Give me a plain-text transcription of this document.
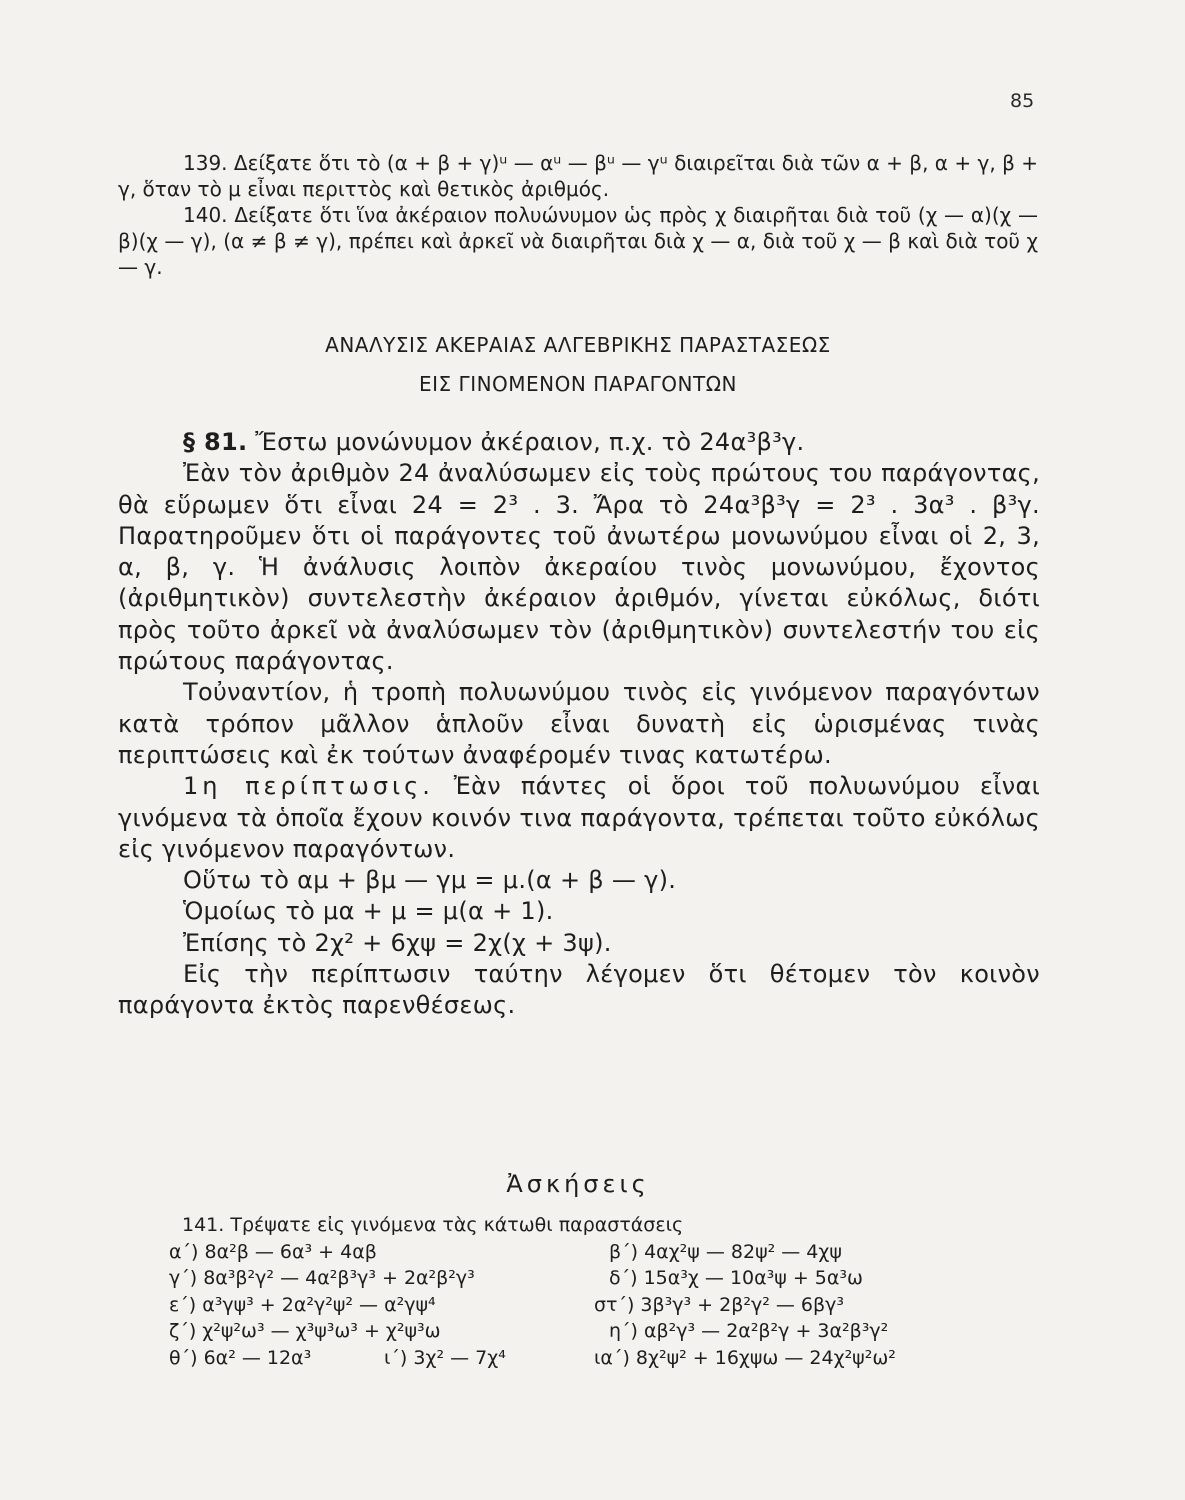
85

139. Δείξατε ὅτι τὸ (α + β + γ)ᵘ — αᵘ — βᵘ — γᵘ διαιρεῖται διὰ τῶν α + β, α + γ, β + γ, ὅταν τὸ μ εἶναι περιττὸς καὶ θετικὸς ἀριθμός.

140. Δείξατε ὅτι ἵνα ἀκέραιον πολυώνυμον ὡς πρὸς χ διαιρῆται διὰ τοῦ (χ — α)(χ — β)(χ — γ), (α ≠ β ≠ γ), πρέπει καὶ ἀρκεῖ νὰ διαιρῆται διὰ χ — α, διὰ τοῦ χ — β καὶ διὰ τοῦ χ — γ.

ΑΝΑΛΥΣΙΣ ΑΚΕΡΑΙΑΣ ΑΛΓΕΒΡΙΚΗΣ ΠΑΡΑΣΤΑΣΕΩΣ
ΕΙΣ ΓΙΝΟΜΕΝΟΝ ΠΑΡΑΓΟΝΤΩΝ

§ 81. Ἔστω μονώνυμον ἀκέραιον, π.χ. τὸ 24α³β³γ.

Ἐὰν τὸν ἀριθμὸν 24 ἀναλύσωμεν εἰς τοὺς πρώτους του παράγοντας, θὰ εὕρωμεν ὅτι εἶναι 24 = 2³ . 3. Ἄρα τὸ 24α³β³γ = 2³ . 3α³ . β³γ. Παρατηροῦμεν ὅτι οἱ παράγοντες τοῦ ἀνωτέρω μονωνύμου εἶναι οἱ 2, 3, α, β, γ. Ἡ ἀνάλυσις λοιπὸν ἀκεραίου τινὸς μονωνύμου, ἔχοντος (ἀριθμητικὸν) συντελεστὴν ἀκέραιον ἀριθμόν, γίνεται εὐκόλως, διότι πρὸς τοῦτο ἀρκεῖ νὰ ἀναλύσωμεν τὸν (ἀριθμητικὸν) συντελεστήν του εἰς πρώτους παράγοντας.

Τοὐναντίον, ἡ τροπὴ πολυωνύμου τινὸς εἰς γινόμενον παραγόντων κατὰ τρόπον μᾶλλον ἁπλοῦν εἶναι δυνατὴ εἰς ὡρισμένας τινὰς περιπτώσεις καὶ ἐκ τούτων ἀναφέρομέν τινας κατωτέρω.

1η περίπτωσις. Ἐὰν πάντες οἱ ὅροι τοῦ πολυωνύμου εἶναι γινόμενα τὰ ὁποῖα ἔχουν κοινόν τινα παράγοντα, τρέπεται τοῦτο εὐκόλως εἰς γινόμενον παραγόντων.

Οὕτω τὸ αμ + βμ — γμ = μ.(α + β — γ).

Ὁμοίως τὸ μα + μ = μ(α + 1).

Ἐπίσης τὸ 2χ² + 6χψ = 2χ(χ + 3ψ).

Εἰς τὴν περίπτωσιν ταύτην λέγομεν ὅτι θέτομεν τὸν κοινὸν παράγοντα ἐκτὸς παρενθέσεως.

Ἀσκήσεις

141. Τρέψατε εἰς γινόμενα τὰς κάτωθι παραστάσεις

α΄) 8α²β — 6α³ + 4αβ	β΄) 4αχ²ψ — 82ψ² — 4χψ
γ΄) 8α³β²γ² — 4α²β³γ³ + 2α²β²γ³	δ΄) 15α³χ — 10α³ψ + 5α³ω
ε΄) α³γψ³ + 2α²γ²ψ² — α²γψ⁴	στ΄) 3β³γ³ + 2β²γ² — 6βγ³
ζ΄) χ²ψ²ω³ — χ³ψ³ω³ + χ²ψ³ω	η΄) αβ²γ³ — 2α²β²γ + 3α²β³γ²
θ΄) 6α² — 12α³	ι΄) 3χ² — 7χ⁴	ια΄) 8χ²ψ² + 16χψω — 24χ²ψ²ω²
